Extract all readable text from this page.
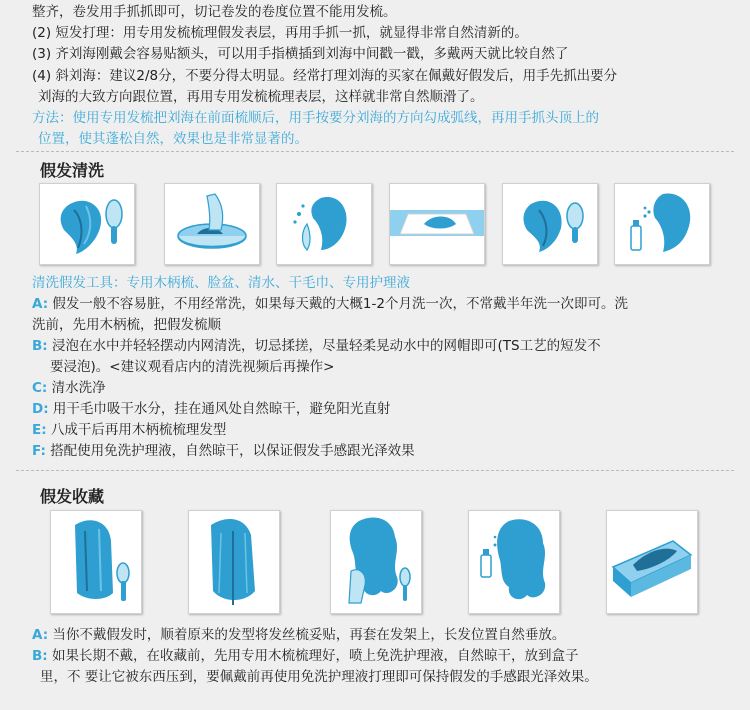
整齐，卷发用手抓抓即可，切记卷发的卷度位置不能用发梳。
(2) 短发打理：用专用发梳梳理假发表层，再用手抓一抓，就显得非常自然清新的。
(3) 齐刘海刚戴会容易贴额头，可以用手指横插到刘海中间戳一戳，多戴两天就比较自然了
(4) 斜刘海：建议2/8分，不要分得太明显。经常打理刘海的买家在佩戴好假发后，用手先抓出要分
刘海的大致方向跟位置，再用专用发梳梳理表层，这样就非常自然顺滑了。
方法：使用专用发梳把刘海在前面梳顺后，用手按要分刘海的方向勾成弧线，再用手抓头顶上的
位置，使其蓬松自然，效果也是非常显著的。
假发清洗
清洗假发工具：专用木柄梳、脸盆、清水、干毛巾、专用护理液
A: 假发一般不容易脏，不用经常洗，如果每天戴的大概1-2个月洗一次，不常戴半年洗一次即可。洗
洗前，先用木柄梳，把假发梳顺
B: 浸泡在水中并轻轻摆动内网清洗，切忌揉搓，尽量轻柔晃动水中的网帽即可(TS工艺的短发不
要浸泡)。<建议观看店内的清洗视频后再操作>
C: 清水洗净
D: 用干毛巾吸干水分，挂在通风处自然晾干，避免阳光直射
E: 八成干后再用木柄梳梳理发型
F: 搭配使用免洗护理液，自然晾干，以保证假发手感跟光泽效果
假发收藏
A: 当你不戴假发时，顺着原来的发型将发丝梳妥贴，再套在发架上，长发位置自然垂放。
B: 如果长期不戴，在收藏前，先用专用木梳梳理好，喷上免洗护理液，自然晾干，放到盒子
里，不 要让它被东西压到，要佩戴前再使用免洗护理液打理即可保持假发的手感跟光泽效果。
